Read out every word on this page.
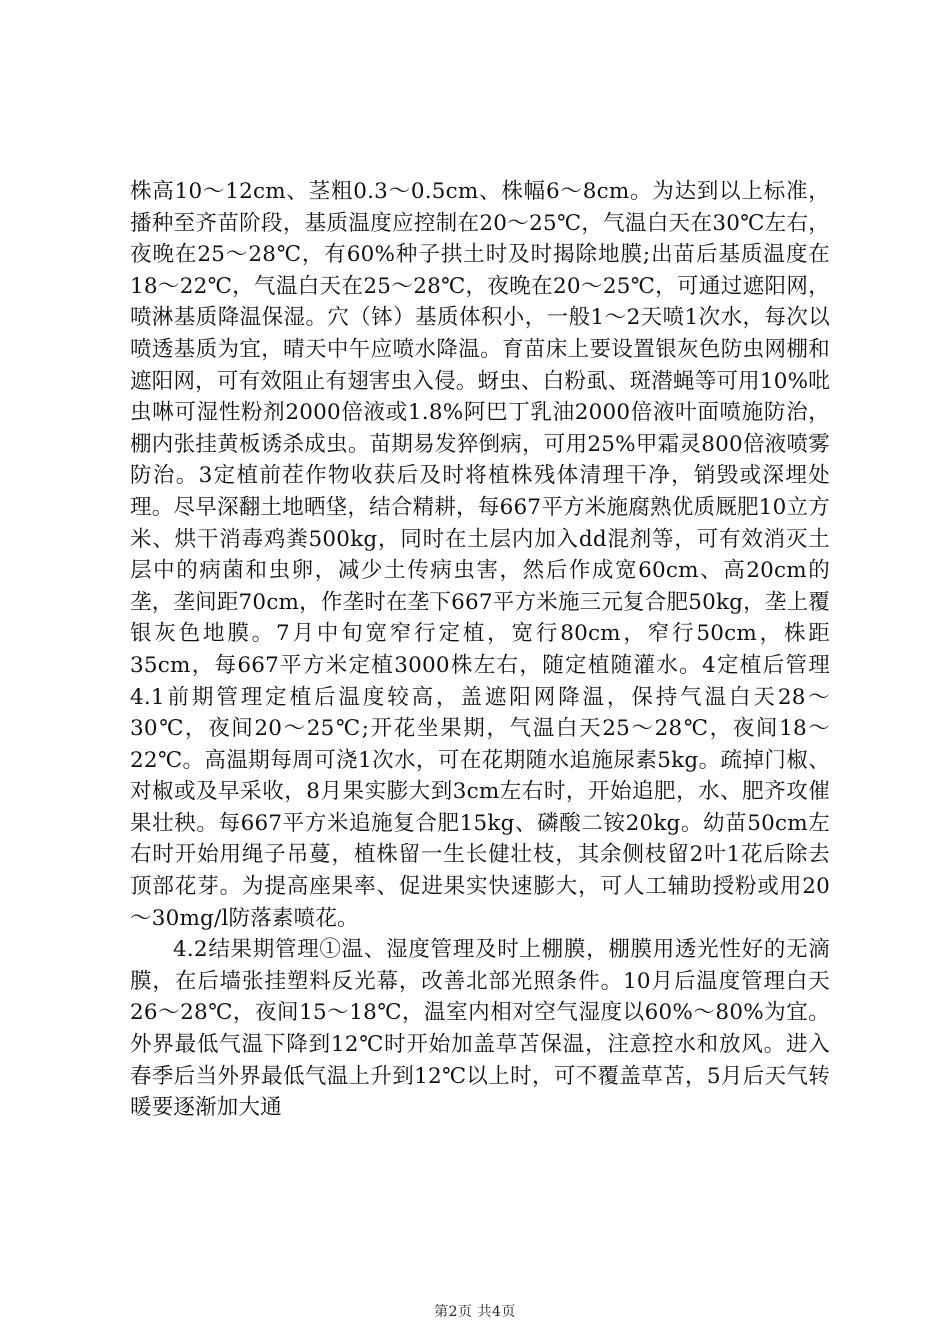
株高10～12cm、茎粗0.3～0.5cm、株幅6～8cm。为达到以上标准，播种至齐苗阶段，基质温度应控制在20～25℃，气温白天在30℃左右，夜晚在25～28℃，有60%种子拱土时及时揭除地膜;出苗后基质温度在18～22℃，气温白天在25～28℃，夜晚在20～25℃，可通过遮阳网，喷淋基质降温保湿。穴（钵）基质体积小，一般1～2天喷1次水，每次以喷透基质为宜，晴天中午应喷水降温。育苗床上要设置银灰色防虫网棚和遮阳网，可有效阻止有翅害虫入侵。蚜虫、白粉虱、斑潜蝇等可用10%吡虫啉可湿性粉剂2000倍液或1.8%阿巴丁乳油2000倍液叶面喷施防治，棚内张挂黄板诱杀成虫。苗期易发猝倒病，可用25%甲霜灵800倍液喷雾防治。3定植前茬作物收获后及时将植株残体清理干净，销毁或深埋处理。尽早深翻土地晒垡，结合精耕，每667平方米施腐熟优质厩肥10立方米、烘干消毒鸡粪500kg，同时在土层内加入dd混剂等，可有效消灭土层中的病菌和虫卵，减少土传病虫害，然后作成宽60cm、高20cm的垄，垄间距70cm，作垄时在垄下667平方米施三元复合肥50kg，垄上覆银灰色地膜。7月中旬宽窄行定植，宽行80cm，窄行50cm，株距35cm，每667平方米定植3000株左右，随定植随灌水。4定植后管理4.1前期管理定植后温度较高，盖遮阳网降温，保持气温白天28～30℃，夜间20～25℃;开花坐果期，气温白天25～28℃，夜间18～22℃。高温期每周可浇1次水，可在花期随水追施尿素5kg。疏掉门椒、对椒或及早采收，8月果实膨大到3cm左右时，开始追肥，水、肥齐攻催果壮秧。每667平方米追施复合肥15kg、磷酸二铵20kg。幼苗50cm左右时开始用绳子吊蔓，植株留一生长健壮枝，其余侧枝留2叶1花后除去顶部花芽。为提高座果率、促进果实快速膨大，可人工辅助授粉或用20～30mg/l防落素喷花。

4.2结果期管理①温、湿度管理及时上棚膜，棚膜用透光性好的无滴膜，在后墙张挂塑料反光幕，改善北部光照条件。10月后温度管理白天26～28℃，夜间15～18℃，温室内相对空气湿度以60%～80%为宜。外界最低气温下降到12℃时开始加盖草苫保温，注意控水和放风。进入春季后当外界最低气温上升到12℃以上时，可不覆盖草苫，5月后天气转暖要逐渐加大通

第2页 共4页
